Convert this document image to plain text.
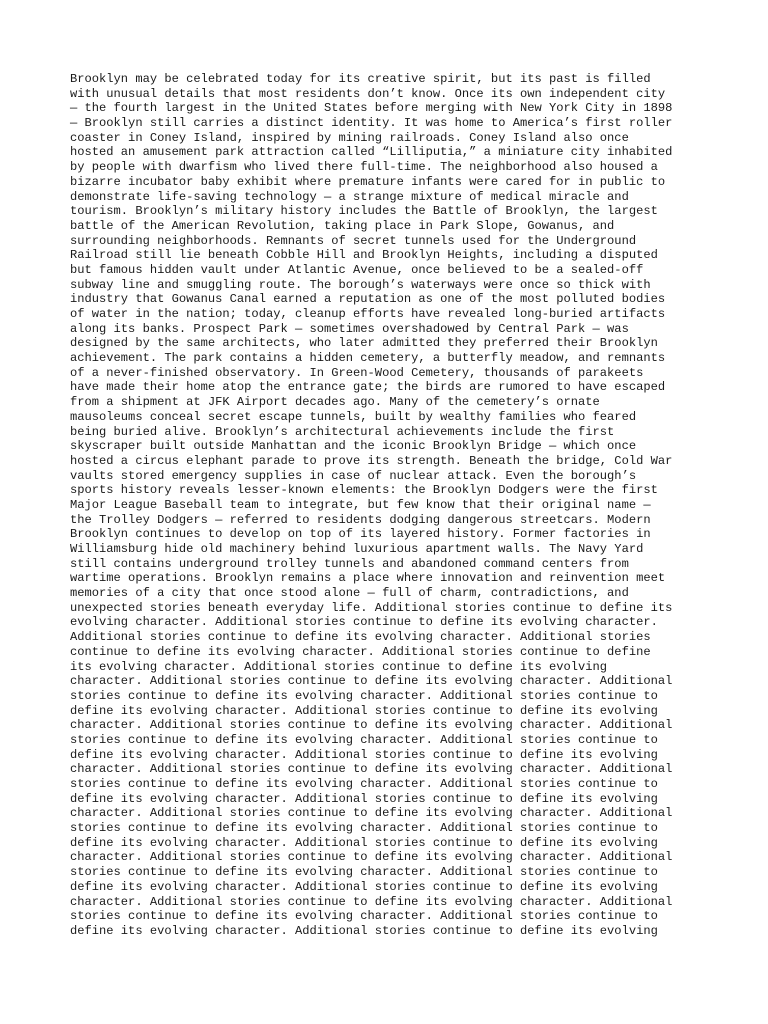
Brooklyn may be celebrated today for its creative spirit, but its past is filled
with unusual details that most residents don’t know. Once its own independent city
— the fourth largest in the United States before merging with New York City in 1898
— Brooklyn still carries a distinct identity. It was home to America’s first roller
coaster in Coney Island, inspired by mining railroads. Coney Island also once
hosted an amusement park attraction called “Lilliputia,” a miniature city inhabited
by people with dwarfism who lived there full-time. The neighborhood also housed a
bizarre incubator baby exhibit where premature infants were cared for in public to
demonstrate life-saving technology — a strange mixture of medical miracle and
tourism. Brooklyn’s military history includes the Battle of Brooklyn, the largest
battle of the American Revolution, taking place in Park Slope, Gowanus, and
surrounding neighborhoods. Remnants of secret tunnels used for the Underground
Railroad still lie beneath Cobble Hill and Brooklyn Heights, including a disputed
but famous hidden vault under Atlantic Avenue, once believed to be a sealed-off
subway line and smuggling route. The borough’s waterways were once so thick with
industry that Gowanus Canal earned a reputation as one of the most polluted bodies
of water in the nation; today, cleanup efforts have revealed long-buried artifacts
along its banks. Prospect Park — sometimes overshadowed by Central Park — was
designed by the same architects, who later admitted they preferred their Brooklyn
achievement. The park contains a hidden cemetery, a butterfly meadow, and remnants
of a never-finished observatory. In Green-Wood Cemetery, thousands of parakeets
have made their home atop the entrance gate; the birds are rumored to have escaped
from a shipment at JFK Airport decades ago. Many of the cemetery’s ornate
mausoleums conceal secret escape tunnels, built by wealthy families who feared
being buried alive. Brooklyn’s architectural achievements include the first
skyscraper built outside Manhattan and the iconic Brooklyn Bridge — which once
hosted a circus elephant parade to prove its strength. Beneath the bridge, Cold War
vaults stored emergency supplies in case of nuclear attack. Even the borough’s
sports history reveals lesser-known elements: the Brooklyn Dodgers were the first
Major League Baseball team to integrate, but few know that their original name —
the Trolley Dodgers — referred to residents dodging dangerous streetcars. Modern
Brooklyn continues to develop on top of its layered history. Former factories in
Williamsburg hide old machinery behind luxurious apartment walls. The Navy Yard
still contains underground trolley tunnels and abandoned command centers from
wartime operations. Brooklyn remains a place where innovation and reinvention meet
memories of a city that once stood alone — full of charm, contradictions, and
unexpected stories beneath everyday life. Additional stories continue to define its
evolving character. Additional stories continue to define its evolving character.
Additional stories continue to define its evolving character. Additional stories
continue to define its evolving character. Additional stories continue to define
its evolving character. Additional stories continue to define its evolving
character. Additional stories continue to define its evolving character. Additional
stories continue to define its evolving character. Additional stories continue to
define its evolving character. Additional stories continue to define its evolving
character. Additional stories continue to define its evolving character. Additional
stories continue to define its evolving character. Additional stories continue to
define its evolving character. Additional stories continue to define its evolving
character. Additional stories continue to define its evolving character. Additional
stories continue to define its evolving character. Additional stories continue to
define its evolving character. Additional stories continue to define its evolving
character. Additional stories continue to define its evolving character. Additional
stories continue to define its evolving character. Additional stories continue to
define its evolving character. Additional stories continue to define its evolving
character. Additional stories continue to define its evolving character. Additional
stories continue to define its evolving character. Additional stories continue to
define its evolving character. Additional stories continue to define its evolving
character. Additional stories continue to define its evolving character. Additional
stories continue to define its evolving character. Additional stories continue to
define its evolving character. Additional stories continue to define its evolving
